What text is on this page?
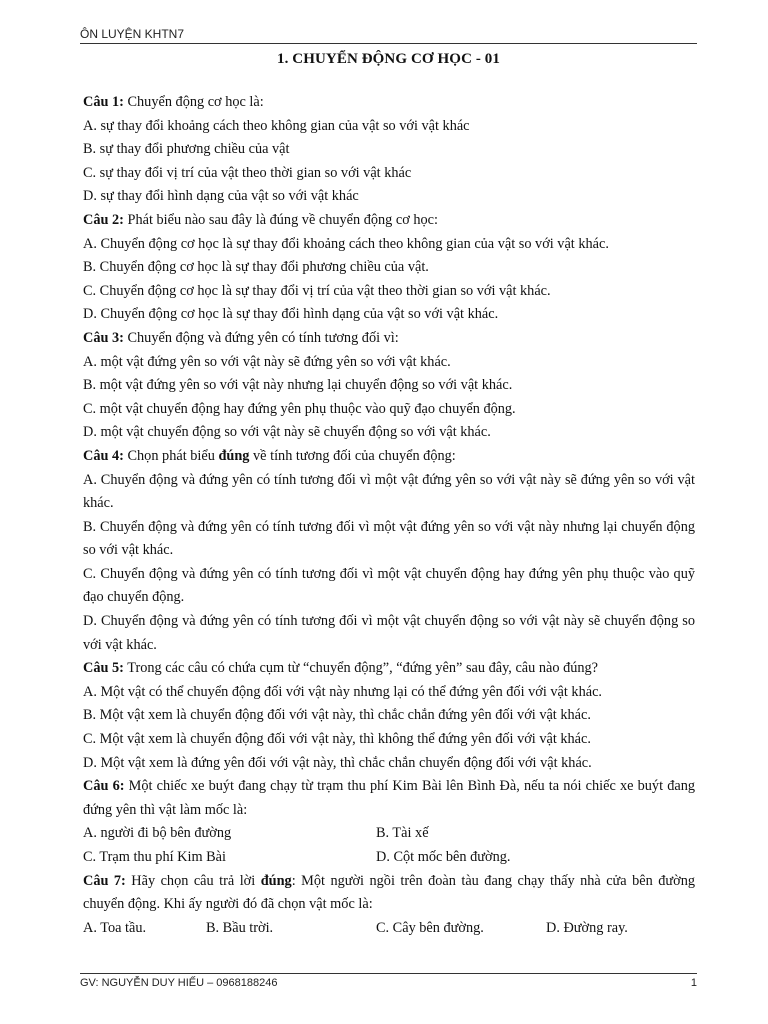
ÔN LUYỆN KHTN7
1. CHUYỂN ĐỘNG CƠ HỌC - 01

Câu 1: Chuyển động cơ học là:

A. sự thay đổi khoảng cách theo không gian của vật so với vật khác

B. sự thay đổi phương chiều của vật

C. sự thay đổi vị trí của vật theo thời gian so với vật khác

D. sự thay đổi hình dạng của vật so với vật khác

Câu 2: Phát biểu nào sau đây là đúng về chuyển động cơ học:

A. Chuyển động cơ học là sự thay đổi khoảng cách theo không gian của vật so với vật khác.

B. Chuyển động cơ học là sự thay đổi phương chiều của vật.

C. Chuyển động cơ học là sự thay đổi vị trí của vật theo thời gian so với vật khác.

D. Chuyển động cơ học là sự thay đổi hình dạng của vật so với vật khác.

Câu 3: Chuyển động và đứng yên có tính tương đối vì:

A. một vật đứng yên so với vật này sẽ đứng yên so với vật khác.

B. một vật đứng yên so với vật này nhưng lại chuyển động so với vật khác.

C. một vật chuyển động hay đứng yên phụ thuộc vào quỹ đạo chuyển động.

D. một vật chuyển động so với vật này sẽ chuyển động so với vật khác.

Câu 4: Chọn phát biểu đúng về tính tương đối của chuyển động:

A. Chuyển động và đứng yên có tính tương đối vì một vật đứng yên so với vật này sẽ đứng yên so với vật khác.

B. Chuyển động và đứng yên có tính tương đối vì một vật đứng yên so với vật này nhưng lại chuyển động so với vật khác.

C. Chuyển động và đứng yên có tính tương đối vì một vật chuyển động hay đứng yên phụ thuộc vào quỹ đạo chuyển động.

D. Chuyển động và đứng yên có tính tương đối vì một vật chuyển động so với vật này sẽ chuyển động so với vật khác.

Câu 5: Trong các câu có chứa cụm từ “chuyển động”, “đứng yên” sau đây, câu nào đúng?

A. Một vật có thể chuyển động đối với vật này nhưng lại có thể đứng yên đối với vật khác.

B. Một vật xem là chuyển động đối với vật này, thì chắc chắn đứng yên đối với vật khác.

C. Một vật xem là chuyển động đối với vật này, thì không thể đứng yên đối với vật khác.

D. Một vật xem là đứng yên đối với vật này, thì chắc chắn chuyển động đối với vật khác.

Câu 6: Một chiếc xe buýt đang chạy từ trạm thu phí Kim Bài lên Bình Đà, nếu ta nói chiếc xe buýt đang đứng yên thì vật làm mốc là:

A. người đi bộ bên đường	B. Tài xế

C. Trạm thu phí Kim Bài	D. Cột mốc bên đường.

Câu 7: Hãy chọn câu trả lời đúng: Một người ngồi trên đoàn tàu đang chạy thấy nhà cửa bên đường chuyển động. Khi ấy người đó đã chọn vật mốc là:

A. Toa tầu.	B. Bầu trời.	C. Cây bên đường.	D. Đường ray.

GV: NGUYỄN DUY HIẾU – 0968188246	1
